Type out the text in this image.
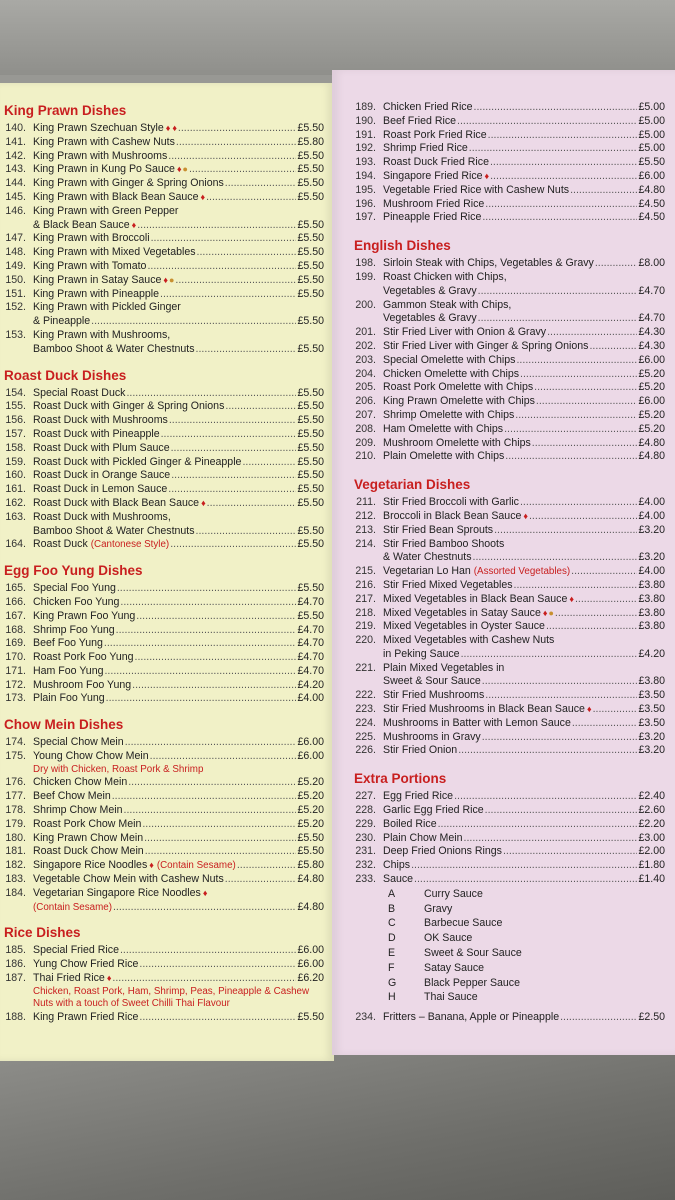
King Prawn Dishes
140. King Prawn Szechuan Style ♦ ♦ .....	£5.50
141. King Prawn with Cashew Nuts .....	£5.80
142. King Prawn with Mushrooms .....	£5.50
143. King Prawn in Kung Po Sauce ♦ ● .....	£5.50
144. King Prawn with Ginger & Spring Onions .....	£5.50
145. King Prawn with Black Bean Sauce ♦ .....	£5.50
146. King Prawn with Green Pepper
& Black Bean Sauce ♦ .....	£5.50
147. King Prawn with Broccoli .....	£5.50
148. King Prawn with Mixed Vegetables .....	£5.50
149. King Prawn with Tomato .....	£5.50
150. King Prawn in Satay Sauce ♦ ● .....	£5.50
151. King Prawn with Pineapple .....	£5.50
152. King Prawn with Pickled Ginger
& Pineapple .....	£5.50
153. King Prawn with Mushrooms,
Bamboo Shoot & Water Chestnuts .....	£5.50
Roast Duck Dishes
154. Special Roast Duck .....	£5.50
155. Roast Duck with Ginger & Spring Onions .....	£5.50
156. Roast Duck with Mushrooms .....	£5.50
157. Roast Duck with Pineapple .....	£5.50
158. Roast Duck with Plum Sauce .....	£5.50
159. Roast Duck with Pickled Ginger & Pineapple .....	£5.50
160. Roast Duck in Orange Sauce .....	£5.50
161. Roast Duck in Lemon Sauce .....	£5.50
162. Roast Duck with Black Bean Sauce ♦ .....	£5.50
163. Roast Duck with Mushrooms,
Bamboo Shoot & Water Chestnuts .....	£5.50
164. Roast Duck (Cantonese Style) .....	£5.50
Egg Foo Yung Dishes
165. Special Foo Yung .....	£5.50
166. Chicken Foo Yung .....	£4.70
167. King Prawn Foo Yung .....	£5.50
168. Shrimp Foo Yung .....	£4.70
169. Beef Foo Yung .....	£4.70
170. Roast Pork Foo Yung .....	£4.70
171. Ham Foo Yung .....	£4.70
172. Mushroom Foo Yung .....	£4.20
173. Plain Foo Yung .....	£4.00
Chow Mein Dishes
174. Special Chow Mein .....	£6.00
175. Young Chow Chow Mein .....	£6.00
Dry with Chicken, Roast Pork & Shrimp
176. Chicken Chow Mein .....	£5.20
177. Beef Chow Mein .....	£5.20
178. Shrimp Chow Mein .....	£5.20
179. Roast Pork Chow Mein .....	£5.20
180. King Prawn Chow Mein .....	£5.50
181. Roast Duck Chow Mein .....	£5.50
182. Singapore Rice Noodles ♦ (Contain Sesame) .....	£5.80
183. Vegetable Chow Mein with Cashew Nuts .....	£4.80
184. Vegetarian Singapore Rice Noodles ♦
(Contain Sesame) .....	£4.80
Rice Dishes
185. Special Fried Rice .....	£6.00
186. Yung Chow Fried Rice .....	£6.00
187. Thai Fried Rice ♦ .....	£6.20
Chicken, Roast Pork, Ham, Shrimp, Peas, Pineapple & Cashew Nuts with a touch of Sweet Chilli Thai Flavour
188. King Prawn Fried Rice .....	£5.50
189. Chicken Fried Rice .....	£5.00
190. Beef Fried Rice .....	£5.00
191. Roast Pork Fried Rice .....	£5.00
192. Shrimp Fried Rice .....	£5.00
193. Roast Duck Fried Rice .....	£5.50
194. Singapore Fried Rice ♦ .....	£6.00
195. Vegetable Fried Rice with Cashew Nuts .....	£4.80
196. Mushroom Fried Rice .....	£4.50
197. Pineapple Fried Rice .....	£4.50
English Dishes
198. Sirloin Steak with Chips, Vegetables & Gravy .....	£8.00
199. Roast Chicken with Chips,
Vegetables & Gravy .....	£4.70
200. Gammon Steak with Chips,
Vegetables & Gravy .....	£4.70
201. Stir Fried Liver with Onion & Gravy .....	£4.30
202. Stir Fried Liver with Ginger & Spring Onions .....	£4.30
203. Special Omelette with Chips .....	£6.00
204. Chicken Omelette with Chips .....	£5.20
205. Roast Pork Omelette with Chips .....	£5.20
206. King Prawn Omelette with Chips .....	£6.00
207. Shrimp Omelette with Chips .....	£5.20
208. Ham Omelette with Chips .....	£5.20
209. Mushroom Omelette with Chips .....	£4.80
210. Plain Omelette with Chips .....	£4.80
Vegetarian Dishes
211. Stir Fried Broccoli with Garlic .....	£4.00
212. Broccoli in Black Bean Sauce ♦ .....	£4.00
213. Stir Fried Bean Sprouts .....	£3.20
214. Stir Fried Bamboo Shoots
& Water Chestnuts .....	£3.20
215. Vegetarian Lo Han (Assorted Vegetables) .....	£4.00
216. Stir Fried Mixed Vegetables .....	£3.80
217. Mixed Vegetables in Black Bean Sauce ♦ .....	£3.80
218. Mixed Vegetables in Satay Sauce ♦ ● .....	£3.80
219. Mixed Vegetables in Oyster Sauce .....	£3.80
220. Mixed Vegetables with Cashew Nuts
in Peking Sauce .....	£4.20
221. Plain Mixed Vegetables in
Sweet & Sour Sauce .....	£3.80
222. Stir Fried Mushrooms .....	£3.50
223. Stir Fried Mushrooms in Black Bean Sauce ♦ .....	£3.50
224. Mushrooms in Batter with Lemon Sauce .....	£3.50
225. Mushrooms in Gravy .....	£3.20
226. Stir Fried Onion .....	£3.20
Extra Portions
227. Egg Fried Rice .....	£2.40
228. Garlic Egg Fried Rice .....	£2.60
229. Boiled Rice .....	£2.20
230. Plain Chow Mein .....	£3.00
231. Deep Fried Onions Rings .....	£2.00
232. Chips .....	£1.80
233. Sauce .....	£1.40
A	Curry Sauce
B	Gravy
C	Barbecue Sauce
D	OK Sauce
E	Sweet & Sour Sauce
F	Satay Sauce
G	Black Pepper Sauce
H	Thai Sauce
234. Fritters – Banana, Apple or Pineapple .....	£2.50
